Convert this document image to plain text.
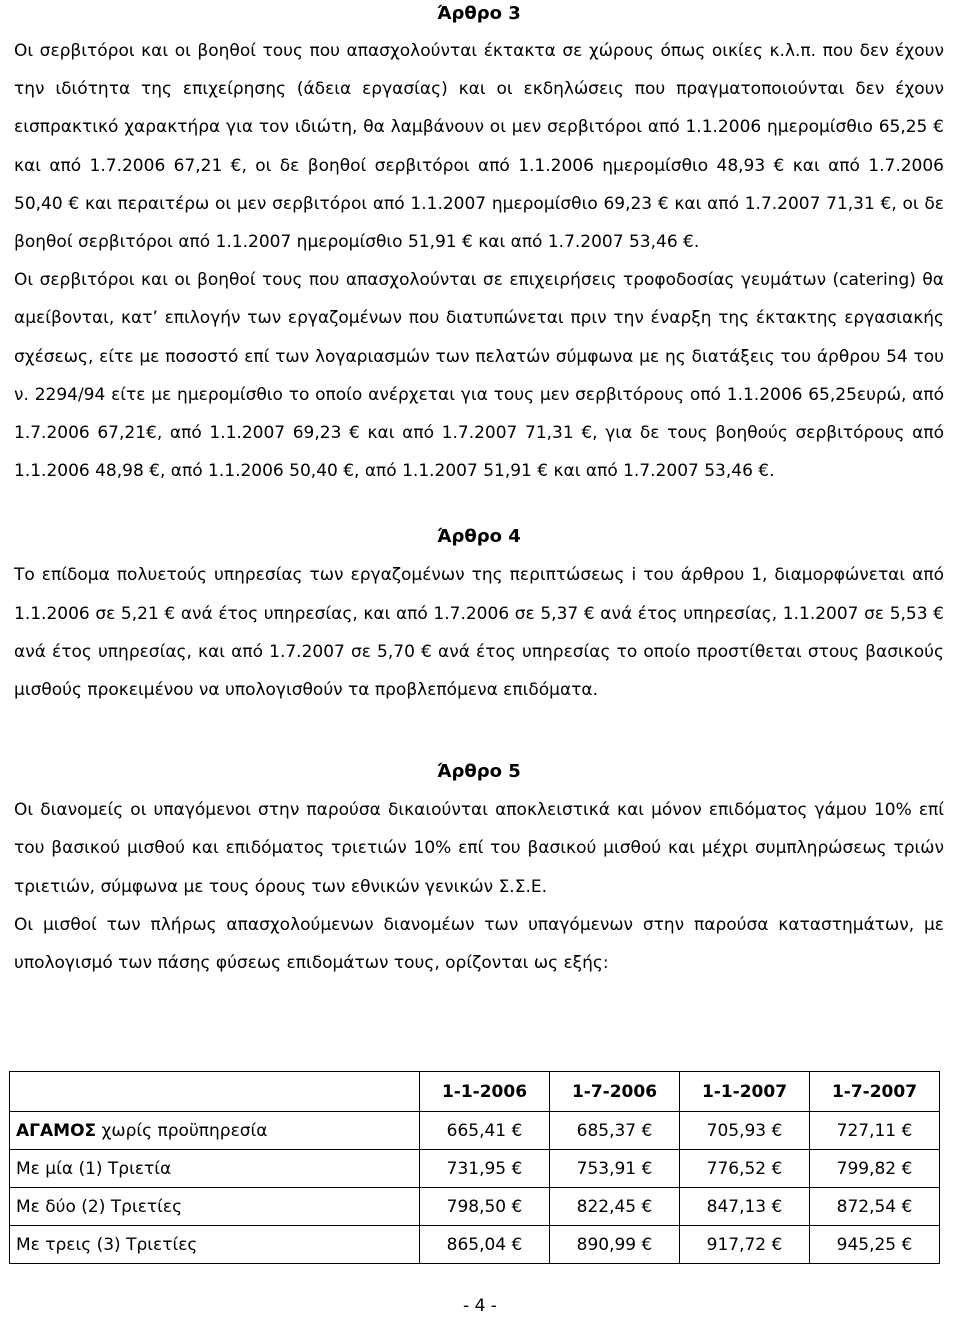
Άρθρο 3

Οι σερβιτόροι και οι βοηθοί τους που απασχολούνται έκτακτα σε χώρους όπως οικίες κ.λ.π. που δεν έχουν την ιδιότητα της επιχείρησης (άδεια εργασίας) και οι εκδηλώσεις που πραγματοποιούνται δεν έχουν εισπρακτικό χαρακτήρα για τον ιδιώτη, θα λαμβάνουν οι μεν σερβιτόροι από 1.1.2006 ημερομίσθιο 65,25 € και από 1.7.2006 67,21 €, οι δε βοηθοί σερβιτόροι από 1.1.2006 ημερομίσθιο 48,93 € και από 1.7.2006 50,40 € και περαιτέρω οι μεν σερβιτόροι από 1.1.2007 ημερομίσθιο 69,23 € και από 1.7.2007 71,31 €, οι δε βοηθοί σερβιτόροι από 1.1.2007 ημερομίσθιο 51,91 € και από 1.7.2007 53,46 €.

Οι σερβιτόροι και οι βοηθοί τους που απασχολούνται σε επιχειρήσεις τροφοδοσίας γευμάτων (catering) θα αμείβονται, κατ’ επιλογήν των εργαζομένων που διατυπώνεται πριν την έναρξη της έκτακτης εργασιακής σχέσεως, είτε με ποσοστό επί των λογαριασμών των πελατών σύμφωνα με ης διατάξεις του άρθρου 54 του ν. 2294/94 είτε με ημερομίσθιο το οποίο ανέρχεται για τους μεν σερβιτόρους οπό 1.1.2006 65,25ευρώ, από 1.7.2006 67,21€, από 1.1.2007 69,23 € και από 1.7.2007 71,31 €, για δε τους βοηθούς σερβιτόρους από 1.1.2006 48,98 €, από 1.1.2006 50,40 €, από 1.1.2007 51,91 € και από 1.7.2007 53,46 €.

Άρθρο 4

Το επίδομα πολυετούς υπηρεσίας των εργαζομένων της περιπτώσεως i του άρθρου 1, διαμορφώνεται από 1.1.2006 σε 5,21 € ανά έτος υπηρεσίας, και από 1.7.2006 σε 5,37 € ανά έτος υπηρεσίας, 1.1.2007 σε 5,53 € ανά έτος υπηρεσίας, και από 1.7.2007 σε 5,70 € ανά έτος υπηρεσίας το οποίο προστίθεται στους βασικούς μισθούς προκειμένου να υπολογισθούν τα προβλεπόμενα επιδόματα.

Άρθρο 5

Οι διανομείς οι υπαγόμενοι στην παρούσα δικαιούνται αποκλειστικά και μόνον επιδόματος γάμου 10% επί του βασικού μισθού και επιδόματος τριετιών 10% επί του βασικού μισθού και μέχρι συμπληρώσεως τριών τριετιών, σύμφωνα με τους όρους των εθνικών γενικών Σ.Σ.Ε.

Οι μισθοί των πλήρως απασχολούμενων διανομέων των υπαγόμενων στην παρούσα καταστημάτων, με υπολογισμό των πάσης φύσεως επιδομάτων τους, ορίζονται ως εξής:

	1-1-2006	1-7-2006	1-1-2007	1-7-2007
ΑΓΑΜΟΣ χωρίς προϋπηρεσία	665,41 €	685,37 €	705,93 €	727,11 €
Με μία (1) Τριετία	731,95 €	753,91 €	776,52 €	799,82 €
Με δύο (2) Τριετίες	798,50 €	822,45 €	847,13 €	872,54 €
Με τρεις (3) Τριετίες	865,04 €	890,99 €	917,72 €	945,25 €
- 4 -
